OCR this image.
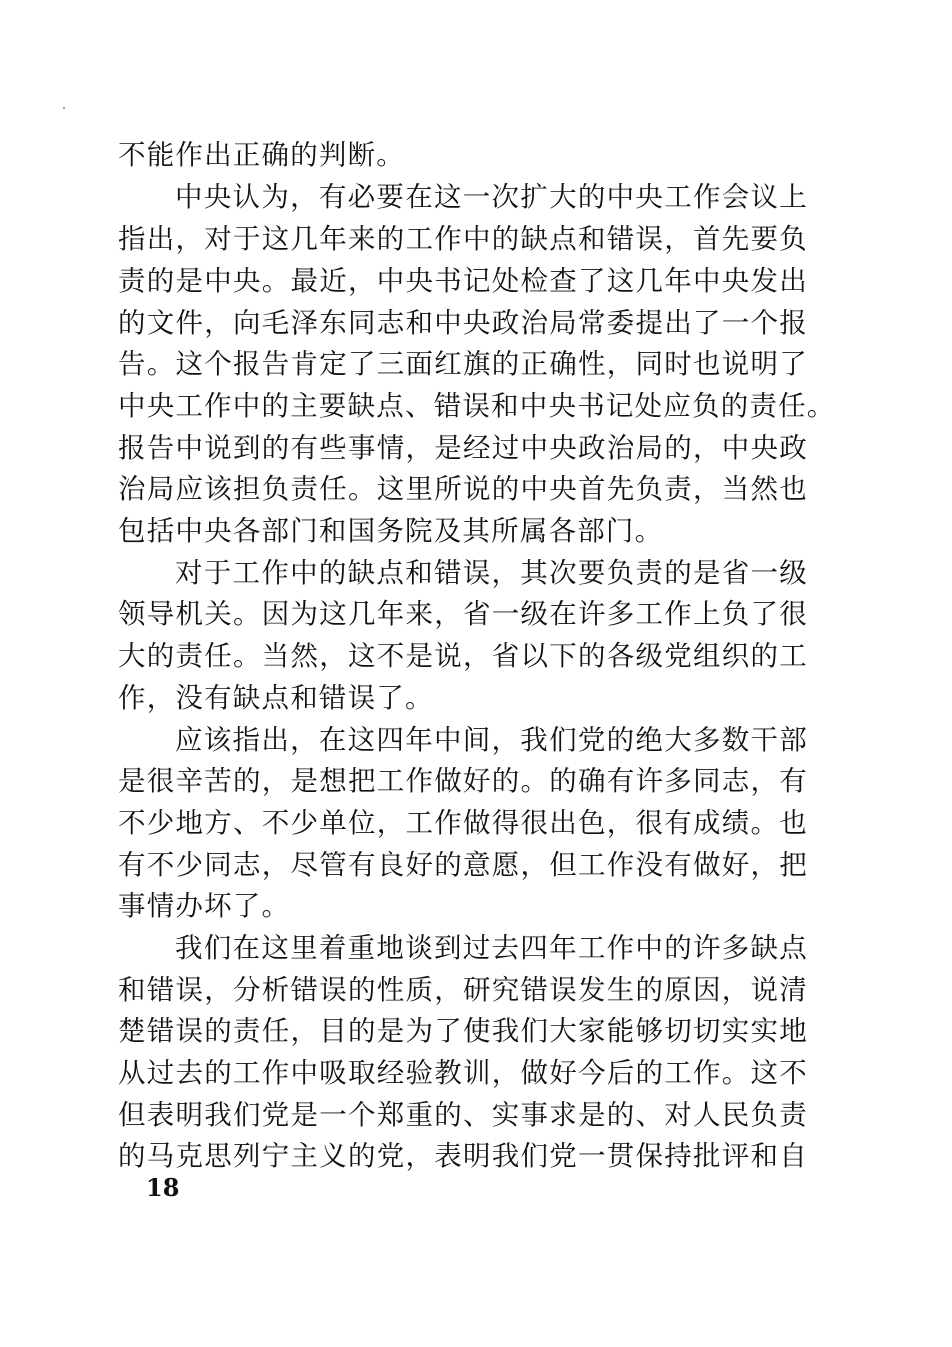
不能作出正确的判断。
中央认为，有必要在这一次扩大的中央工作会议上
指出，对于这几年来的工作中的缺点和错误，首先要负
责的是中央。最近，中央书记处检查了这几年中央发出
的文件，向毛泽东同志和中央政治局常委提出了一个报
告。这个报告肯定了三面红旗的正确性，同时也说明了
中央工作中的主要缺点、错误和中央书记处应负的责任。
报告中说到的有些事情，是经过中央政治局的，中央政
治局应该担负责任。这里所说的中央首先负责，当然也
包括中央各部门和国务院及其所属各部门。
对于工作中的缺点和错误，其次要负责的是省一级
领导机关。因为这几年来，省一级在许多工作上负了很
大的责任。当然，这不是说，省以下的各级党组织的工
作，没有缺点和错误了。
应该指出，在这四年中间，我们党的绝大多数干部
是很辛苦的，是想把工作做好的。的确有许多同志，有
不少地方、不少单位，工作做得很出色，很有成绩。也
有不少同志，尽管有良好的意愿，但工作没有做好，把
事情办坏了。
我们在这里着重地谈到过去四年工作中的许多缺点
和错误，分析错误的性质，研究错误发生的原因，说清
楚错误的责任，目的是为了使我们大家能够切切实实地
从过去的工作中吸取经验教训，做好今后的工作。这不
但表明我们党是一个郑重的、实事求是的、对人民负责
的马克思列宁主义的党，表明我们党一贯保持批评和自
18
